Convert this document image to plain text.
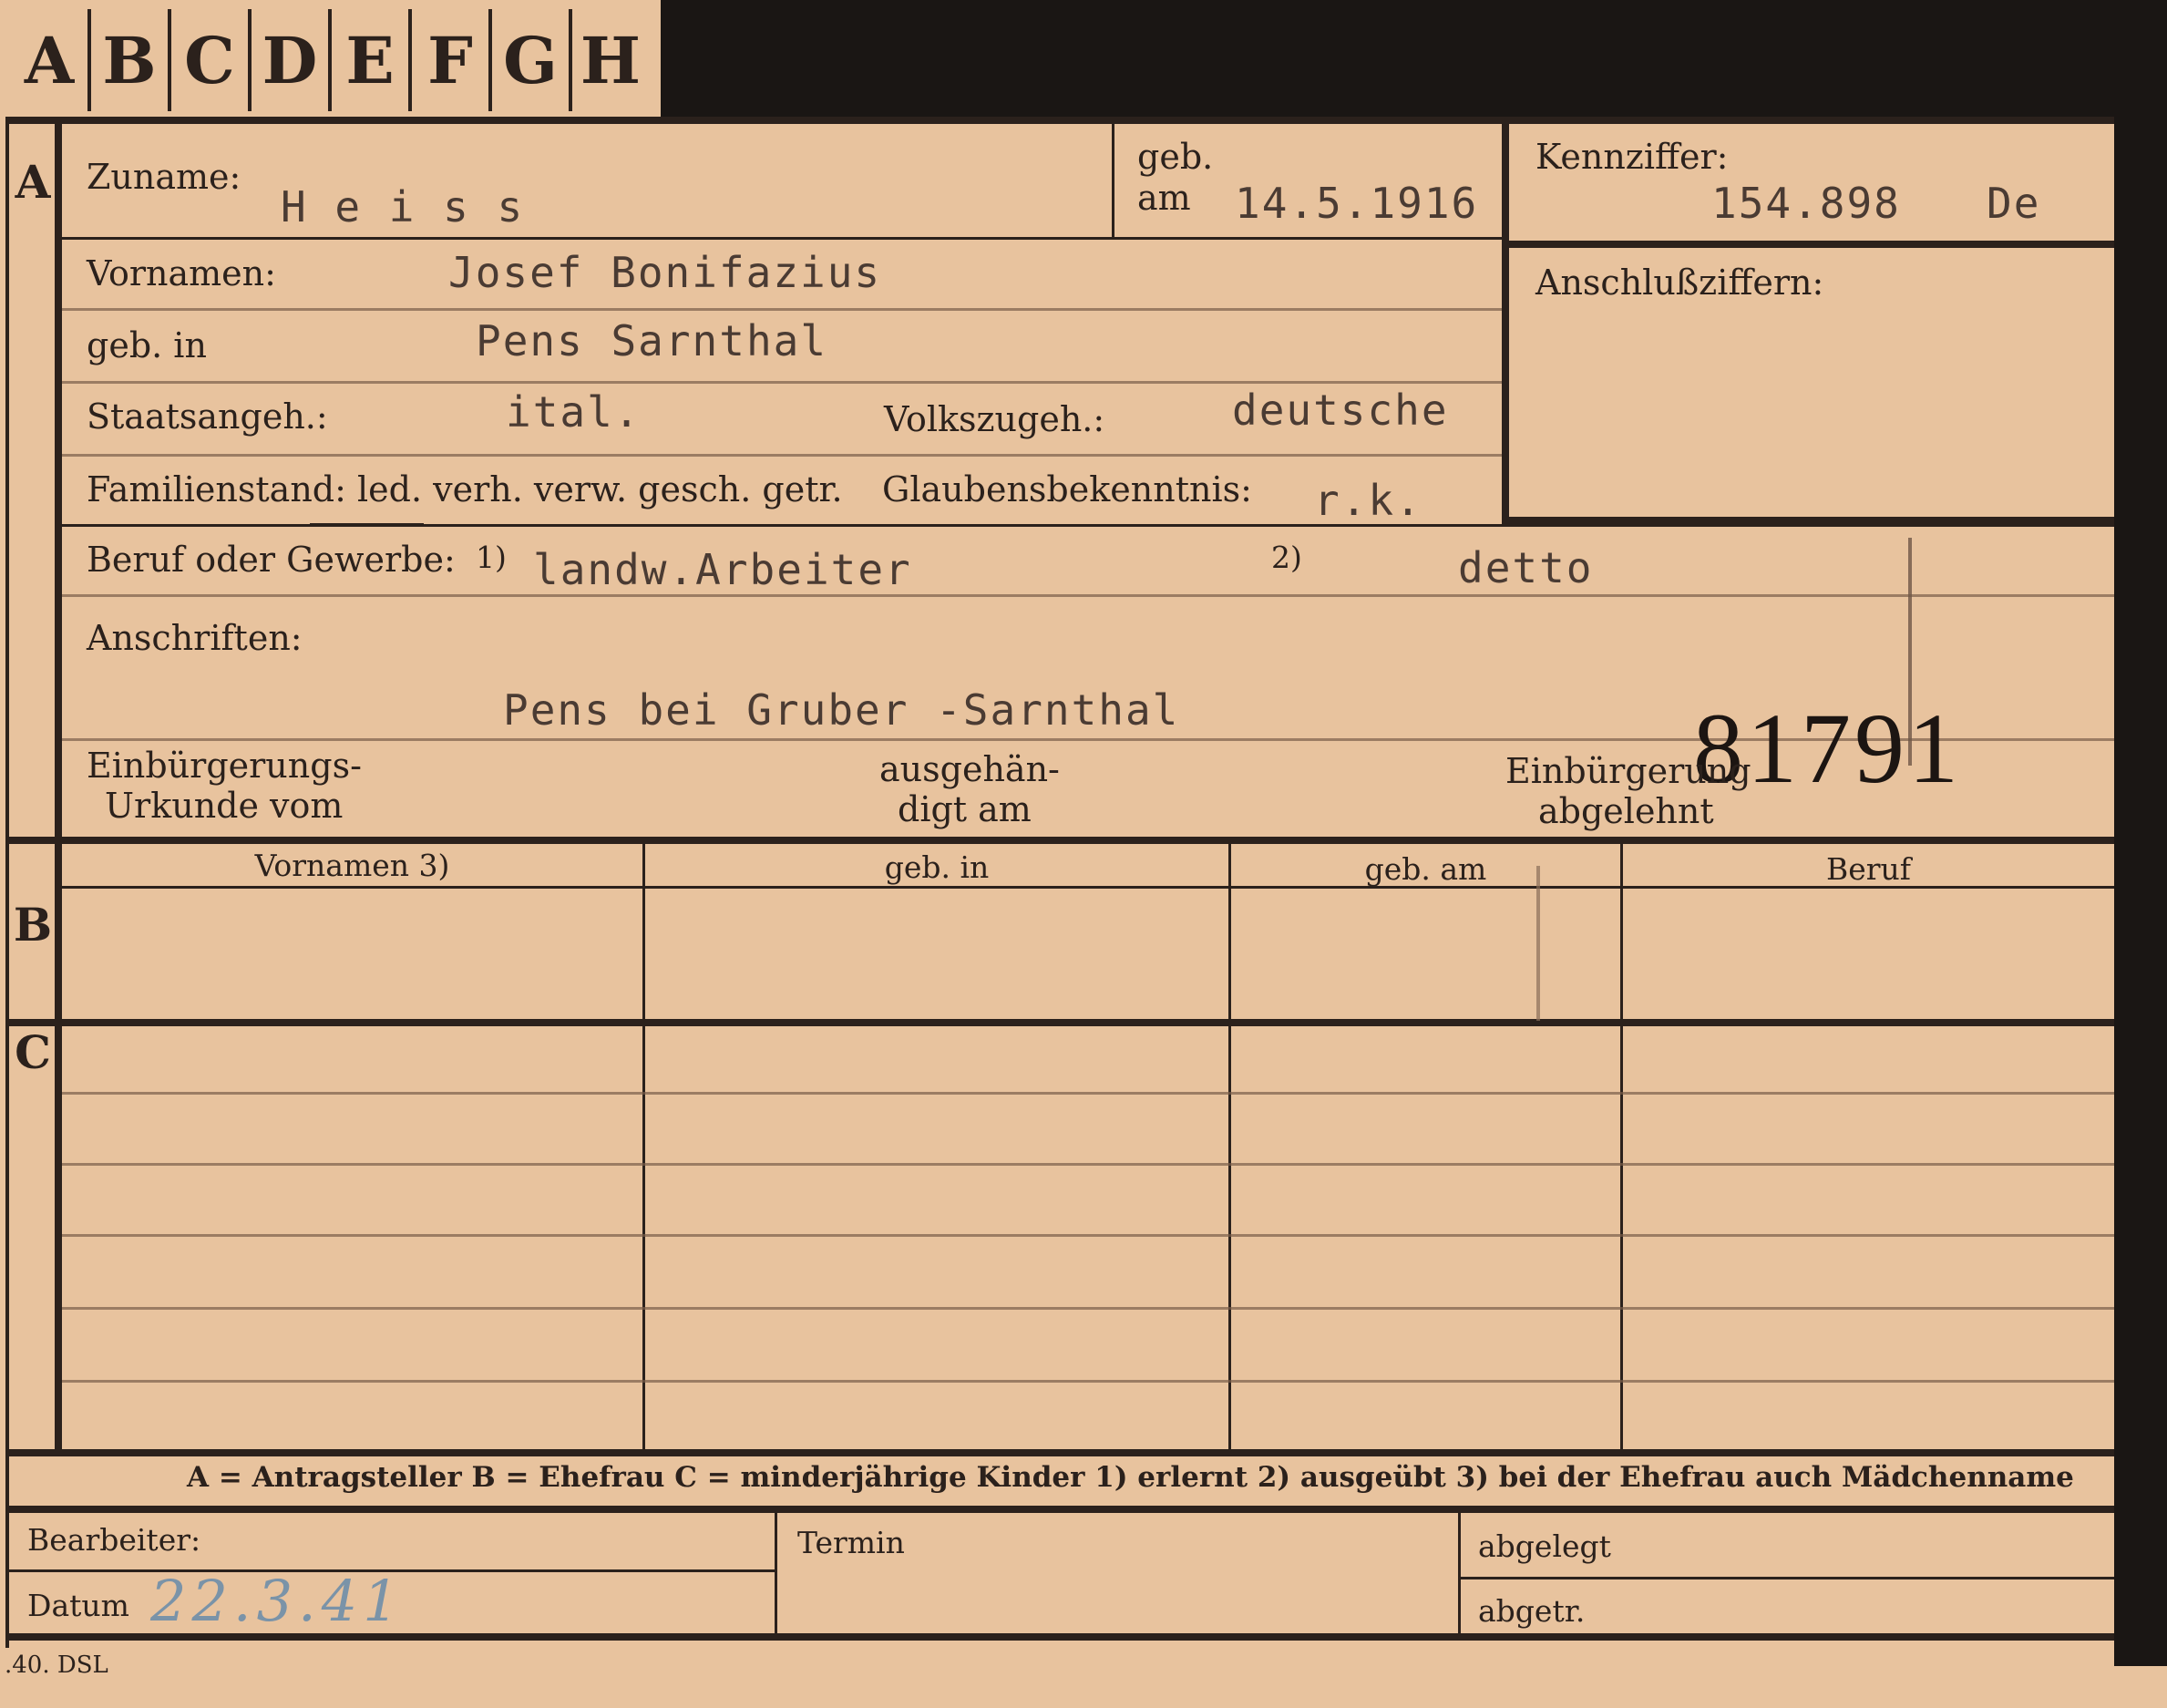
A B C D E F G H
A
B
C
Zuname:
H e i s s
geb.
am 14.5.1916
Kennziffer:
154.898 De
Anschlußziffern:
Vornamen:	Josef Bonifazius
geb. in	Pens Sarnthal
Staatsangeh.:	ital.	Volkszugeh.:	deutsche
Familienstand: led. verh. verw. gesch. getr. Glaubensbekenntnis: r.k.
Beruf oder Gewerbe: 1) landw.Arbeiter	2)	detto
Anschriften:
Pens bei Gruber -Sarnthal	81791
Einbürgerungs-
Urkunde vom
ausgehän-
digt am
Einbürgerung
abgelehnt
Vornamen 3)	geb. in	geb. am	Beruf
A = Antragsteller B = Ehefrau C = minderjährige Kinder 1) erlernt 2) ausgeübt 3) bei der Ehefrau auch Mädchenname
Bearbeiter:
Datum 22.3.41
Termin	abgelegt
abgetr.
.40. DSL
